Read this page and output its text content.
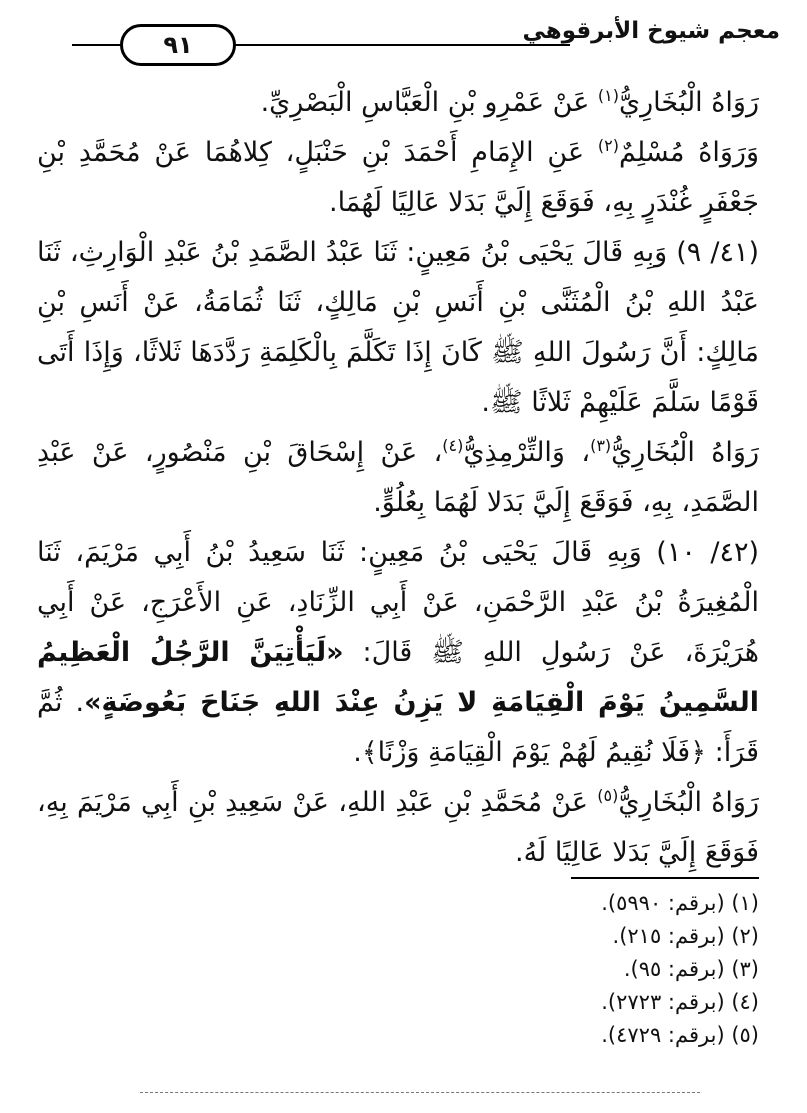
معجم شيوخ الأبرقوهي
٩١

رَوَاهُ الْبُخَارِيُّ$^{(١)}$ عَنْ عَمْرِو بْنِ الْعَبَّاسِ الْبَصْرِيِّ.

وَرَوَاهُ مُسْلِمٌ$^{(٢)}$ عَنِ الإِمَامِ أَحْمَدَ بْنِ حَنْبَلٍ، كِلاهُمَا عَنْ مُحَمَّدِ بْنِ جَعْفَرٍ غُنْدَرٍ بِهِ، فَوَقَعَ إِلَيَّ بَدَلا عَالِيًا لَهُمَا.

(٤١/ ٩) وَبِهِ قَالَ يَحْيَى بْنُ مَعِينٍ: ثَنَا عَبْدُ الصَّمَدِ بْنُ عَبْدِ الْوَارِثِ، ثَنَا عَبْدُ اللهِ بْنُ الْمُثَنَّى بْنِ أَنَسِ بْنِ مَالِكٍ، ثَنَا ثُمَامَةُ، عَنْ أَنَسِ بْنِ مَالِكٍ: أَنَّ رَسُولَ اللهِ ﷺ كَانَ إِذَا تَكَلَّمَ بِالْكَلِمَةِ رَدَّدَهَا ثَلاثًا، وَإِذَا أَتَى قَوْمًا سَلَّمَ عَلَيْهِمْ ثَلاثًا ﷺ.

رَوَاهُ الْبُخَارِيُّ$^{(٣)}$، وَالتِّرْمِذِيُّ$^{(٤)}$، عَنْ إِسْحَاقَ بْنِ مَنْصُورٍ، عَنْ عَبْدِ الصَّمَدِ، بِهِ، فَوَقَعَ إِلَيَّ بَدَلا لَهُمَا بِعُلُوٍّ.

(٤٢/ ١٠) وَبِهِ قَالَ يَحْيَى بْنُ مَعِينٍ: ثَنَا سَعِيدُ بْنُ أَبِي مَرْيَمَ، ثَنَا الْمُغِيرَةُ بْنُ عَبْدِ الرَّحْمَنِ، عَنْ أَبِي الزِّنَادِ، عَنِ الأَعْرَجِ، عَنْ أَبِي هُرَيْرَةَ، عَنْ رَسُولِ اللهِ ﷺ قَالَ: «لَيَأْتِيَنَّ الرَّجُلُ الْعَظِيمُ السَّمِينُ يَوْمَ الْقِيَامَةِ لا يَزِنُ عِنْدَ اللهِ جَنَاحَ بَعُوضَةٍ». ثُمَّ قَرَأَ: ﴿فَلَا نُقِيمُ لَهُمْ يَوْمَ الْقِيَامَةِ وَزْنًا﴾.

رَوَاهُ الْبُخَارِيُّ$^{(٥)}$ عَنْ مُحَمَّدِ بْنِ عَبْدِ اللهِ، عَنْ سَعِيدِ بْنِ أَبِي مَرْيَمَ بِهِ، فَوَقَعَ إِلَيَّ بَدَلا عَالِيًا لَهُ.

(١) (برقم: ٥٩٩٠).

(٢) (برقم: ٢١٥).

(٣) (برقم: ٩٥).

(٤) (برقم: ٢٧٢٣).

(٥) (برقم: ٤٧٢٩).
